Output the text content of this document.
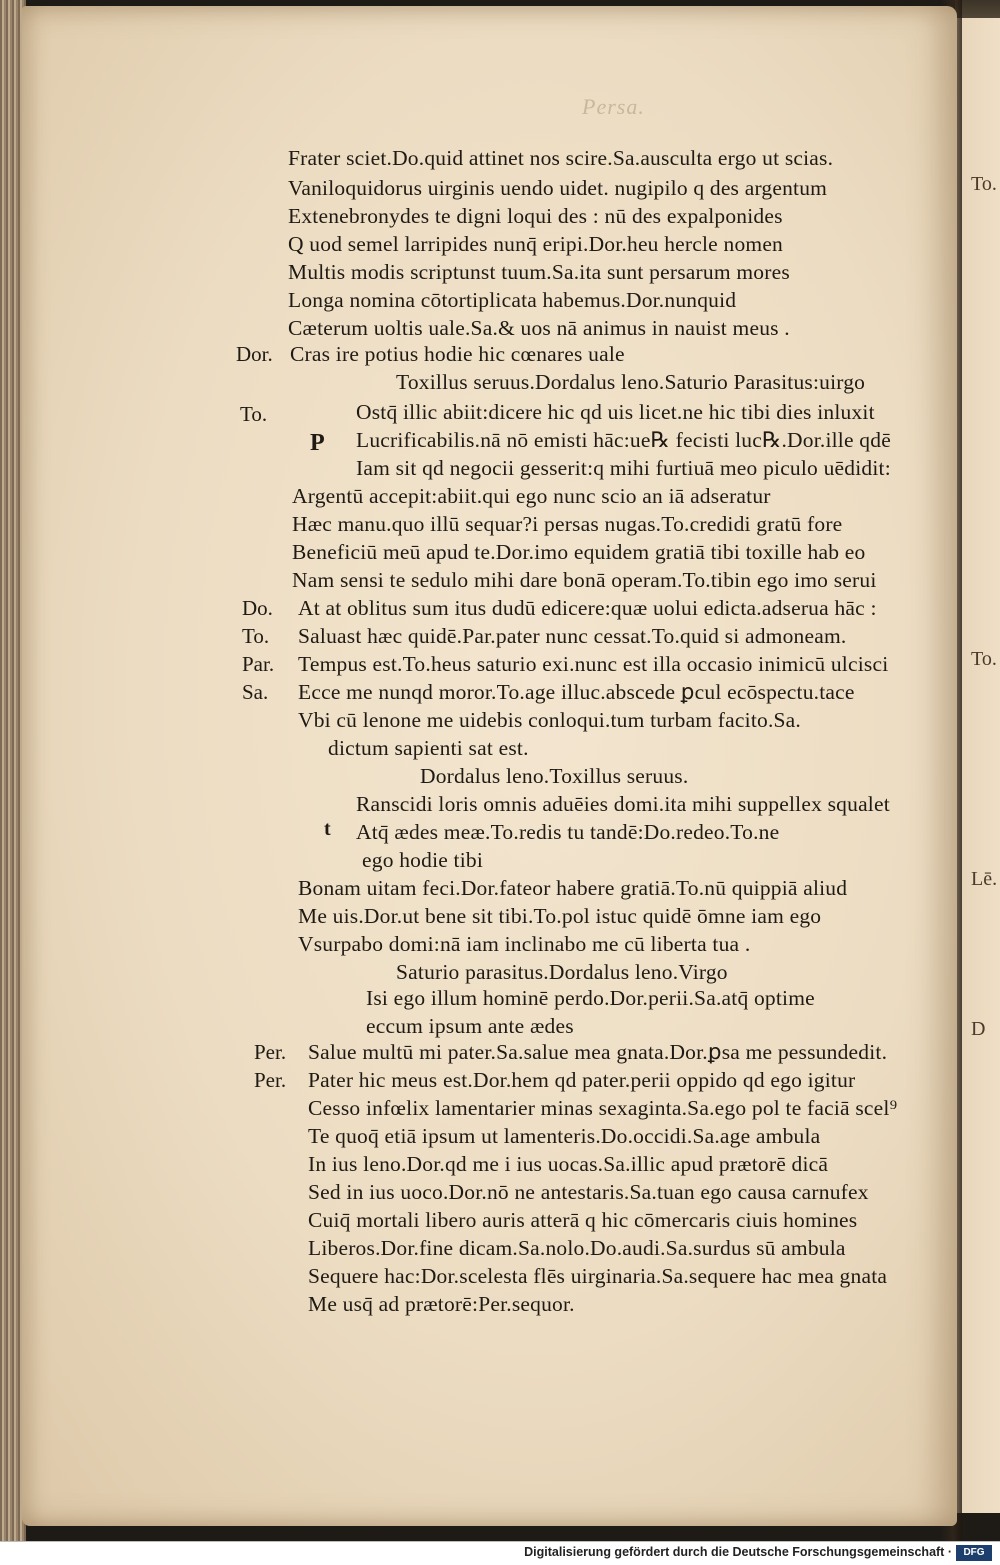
To.
To.
Lē.
D
Persa.
Dor.
To.
Do.
To.
Par.
Sa.
Per.
Per.
P
t
Frater sciet.Do.quid attinet nos scire.Sa.ausculta ergo ut scias.
Vaniloquidorus uirginis uendo uidet. nugipilo q des argentum
Extenebronydes te digni loqui des : nū des expalponides
Q uod semel larripides nunq̄ eripi.Dor.heu hercle nomen
Multis modis scriptunst tuum.Sa.ita sunt persarum mores
Longa nomina cōtortiplicata habemus.Dor.nunquid
Cæterum uoltis uale.Sa.& uos nā animus in nauist meus .
Cras ire potius hodie hic cœnares uale
Toxillus seruus.Dordalus leno.Saturio Parasitus:uirgo
Ostq̄ illic abiit:dicere hic qd uis licet.ne hic tibi dies inluxit
Lucrificabilis.nā nō emisti hāc:ue℞ fecisti luc℞.Dor.ille qdē
Iam sit qd negocii gesserit:q mihi furtiuā meo piculo uēdidit:
Argentū accepit:abiit.qui ego nunc scio an iā adseratur
Hæc manu.quo illū sequar?i persas nugas.To.credidi gratū fore
Beneficiū meū apud te.Dor.imo equidem gratiā tibi toxille hab eo
Nam sensi te sedulo mihi dare bonā operam.To.tibin ego imo serui
At at oblitus sum itus dudū edicere:quæ uolui edicta.adserua hāc :
Saluast hæc quidē.Par.pater nunc cessat.To.quid si admoneam.
Tempus est.To.heus saturio exi.nunc est illa occasio inimicū ulcisci
Ecce me nunqd moror.To.age illuc.abscede ꝑcul ecōspectu.tace
Vbi cū lenone me uidebis conloqui.tum turbam facito.Sa.
dictum sapienti sat est.
Dordalus leno.Toxillus seruus.
Ranscidi loris omnis aduēies domi.ita mihi suppellex squalet
Atq̄ ædes meæ.To.redis tu tandē:Do.redeo.To.ne
ego hodie tibi
Bonam uitam feci.Dor.fateor habere gratiā.To.nū quippiā aliud
Me uis.Dor.ut bene sit tibi.To.pol istuc quidē ōmne iam ego
Vsurpabo domi:nā iam inclinabo me cū liberta tua .
Saturio parasitus.Dordalus leno.Virgo
Isi ego illum hominē perdo.Dor.perii.Sa.atq̄ optime
eccum ipsum ante ædes
Salue multū mi pater.Sa.salue mea gnata.Dor.ꝑsa me pessundedit.
Pater hic meus est.Dor.hem qd pater.perii oppido qd ego igitur
Cesso infœlix lamentarier minas sexaginta.Sa.ego pol te faciā scel⁹
Te quoq̄ etiā ipsum ut lamenteris.Do.occidi.Sa.age ambula
In ius leno.Dor.qd me i ius uocas.Sa.illic apud prætorē dicā
Sed in ius uoco.Dor.nō ne antestaris.Sa.tuan ego causa carnufex
Cuiq̄ mortali libero auris atterā q hic cōmercaris ciuis homines
Liberos.Dor.fine dicam.Sa.nolo.Do.audi.Sa.surdus sū ambula
Sequere hac:Dor.scelesta flēs uirginaria.Sa.sequere hac mea gnata
Me usq̄ ad prætorē:Per.sequor.
Digitalisierung gefördert durch die Deutsche Forschungsgemeinschaft ·	DFG
